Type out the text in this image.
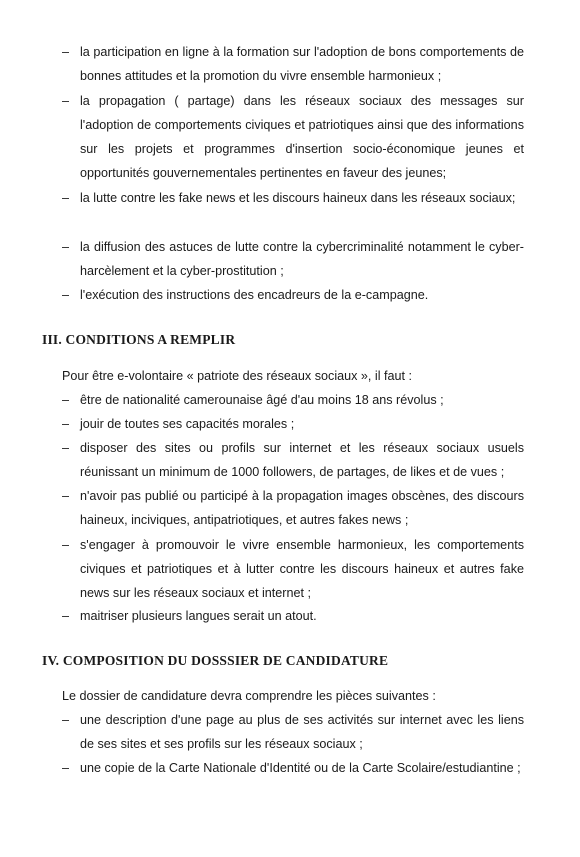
– la participation en ligne à la formation sur l'adoption de bons comportements de bonnes attitudes et la promotion du vivre ensemble harmonieux ;

– la propagation ( partage) dans les réseaux sociaux des messages sur l'adoption de comportements civiques et patriotiques ainsi que des informations sur les projets et programmes d'insertion socio-économique jeunes et opportunités gouvernementales pertinentes en faveur des jeunes;

– la lutte contre les fake news et les discours haineux dans les réseaux sociaux;

– la diffusion des astuces de lutte contre la cybercriminalité notamment le cyber-harcèlement et la cyber-prostitution ;

– l'exécution des instructions des encadreurs de la e-campagne.

III. CONDITIONS A REMPLIR

Pour être e-volontaire « patriote des réseaux sociaux », il faut :

– être de nationalité camerounaise âgé d'au moins 18 ans révolus ;

– jouir de toutes ses capacités morales ;

– disposer des sites ou profils sur internet et les réseaux sociaux usuels réunissant un minimum de 1000 followers, de partages, de likes et de vues ;

– n'avoir pas publié ou participé à la propagation images obscènes, des discours haineux, inciviques, antipatriotiques, et autres fakes news ;

– s'engager à promouvoir le vivre ensemble harmonieux, les comportements civiques et patriotiques et à lutter contre les discours haineux et autres fake news sur les réseaux sociaux et internet ;

– maitriser plusieurs langues serait un atout.

IV. COMPOSITION DU DOSSSIER DE CANDIDATURE

Le dossier de candidature devra comprendre les pièces suivantes :

– une description d'une page au plus de ses activités sur internet avec les liens de ses sites et ses profils sur les réseaux sociaux ;

– une copie de la Carte Nationale d'Identité ou de la Carte Scolaire/estudiantine ;
